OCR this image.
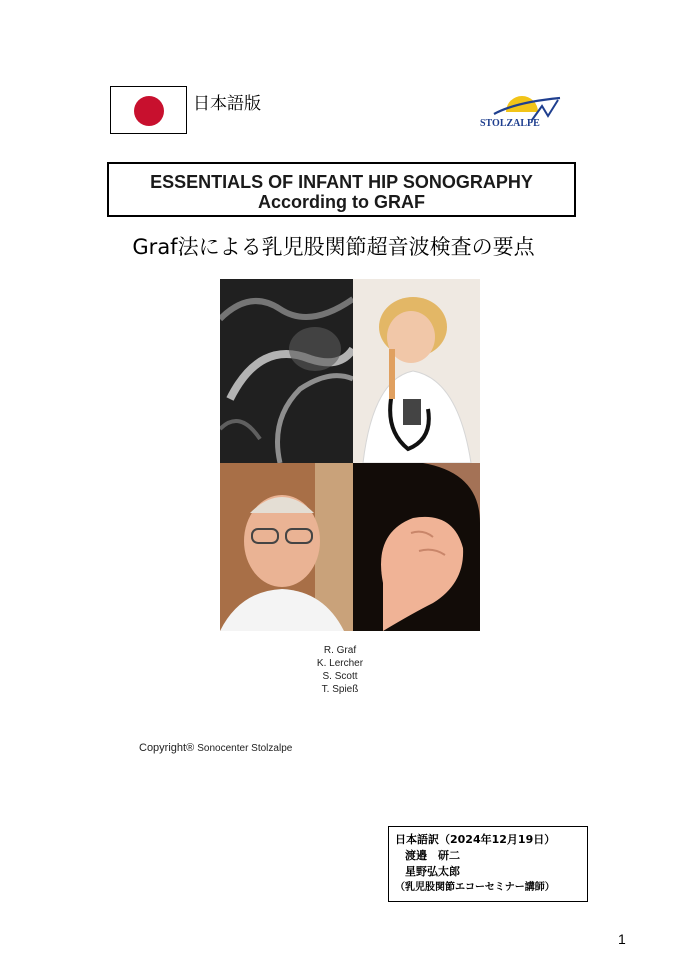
日本語版
STOLZALPE
ESSENTIALS OF INFANT HIP SONOGRAPHY
According to GRAF
Graf法による乳児股関節超音波検査の要点
R. Graf
K. Lercher
S. Scott
T. Spieß
Copyright® Sonocenter Stolzalpe
日本語訳（2024年12月19日）
渡邉　研二
星野弘太郎
（乳児股関節エコーセミナー講師）
1
